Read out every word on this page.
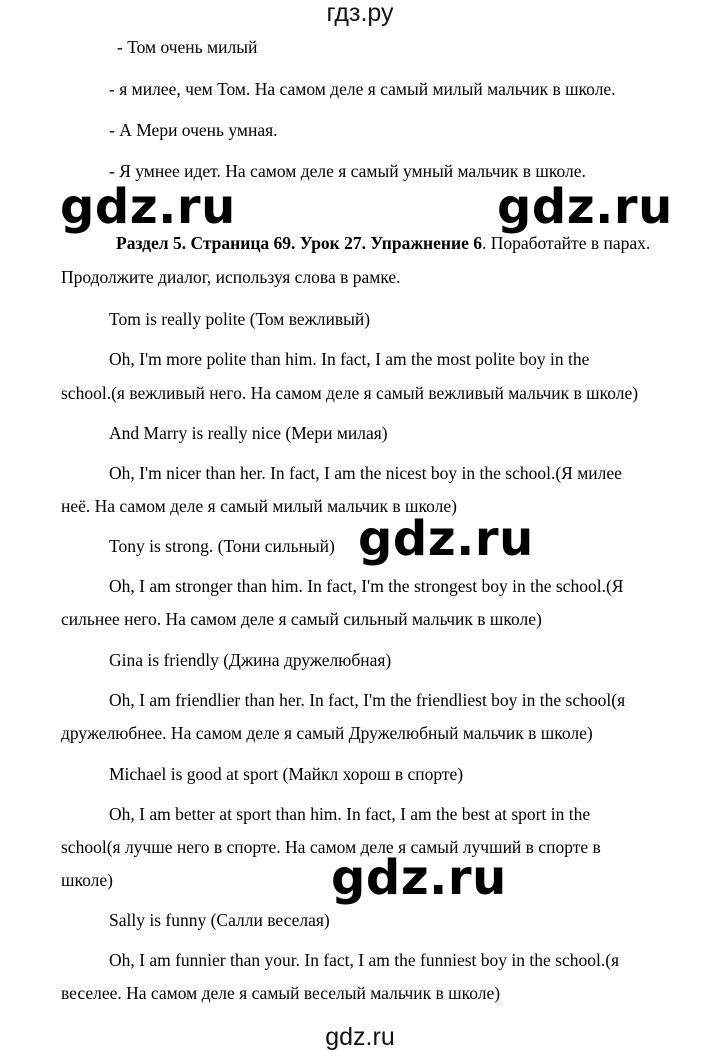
гдз.ру
- Том очень милый
- я милее, чем Том. На самом деле я самый милый мальчик в школе.
- А Мери очень умная.
- Я умнее идет. На самом деле я самый умный мальчик в школе.
gdz.ru	gdz.ru
Раздел 5. Страница 69. Урок 27. Упражнение 6. Поработайте в парах.
Продолжите диалог, используя слова в рамке.
Tom is really polite (Том вежливый)
Oh, I'm more polite than him. In fact, I am the most polite boy in the
school.(я вежливый него. На самом деле я самый вежливый мальчик в школе)
And Marry is really nice (Мери милая)
Oh, I'm nicer than her. In fact, I am the nicest boy in the school.(Я милее
неё. На самом деле я самый милый мальчик в школе)
Tony is strong. (Тони сильный) gdz.ru
Oh, I am stronger than him. In fact, I'm the strongest boy in the school.(Я
сильнее него. На самом деле я самый сильный мальчик в школе)
Gina is friendly (Джина дружелюбная)
Oh, I am friendlier than her. In fact, I'm the friendliest boy in the school(я
дружелюбнее. На самом деле я самый Дружелюбный мальчик в школе)
Michael is good at sport (Майкл хорош в спорте)
Oh, I am better at sport than him. In fact, I am the best at sport in the
school(я лучше него в спорте. На самом деле я самый лучший в спорте в
школе)	gdz.ru
Sally is funny (Салли веселая)
Oh, I am funnier than your. In fact, I am the funniest boy in the school.(я
веселее. На самом деле я самый веселый мальчик в школе)
gdz.ru
